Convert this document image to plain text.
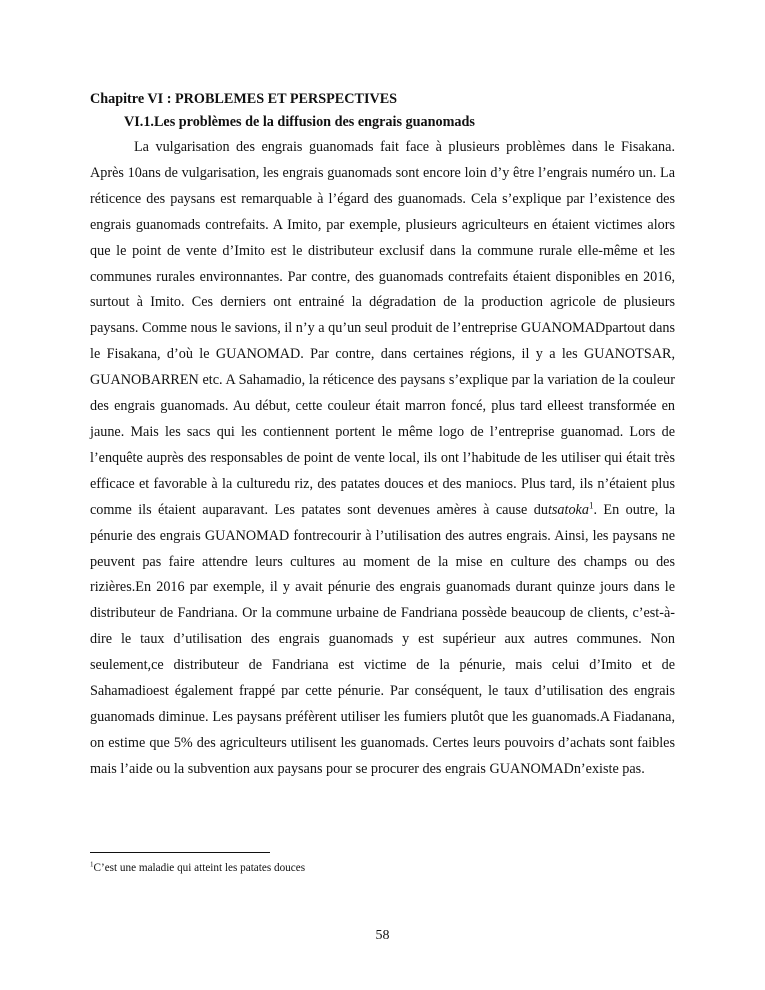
Chapitre VI : PROBLEMES ET PERSPECTIVES
VI.1.Les problèmes de la diffusion des engrais guanomads

La vulgarisation des engrais guanomads fait face à plusieurs problèmes dans le Fisakana. Après 10ans de vulgarisation, les engrais guanomads sont encore loin d’y être l’engrais numéro un. La réticence des paysans est remarquable à l’égard des guanomads. Cela s’explique par l’existence des engrais guanomads contrefaits. A Imito, par exemple, plusieurs agriculteurs en étaient victimes alors que le point de vente d’Imito est le distributeur exclusif dans la commune rurale elle-même et les communes rurales environnantes. Par contre, des guanomads contrefaits étaient disponibles en 2016, surtout à Imito. Ces derniers ont entrainé la dégradation de la production agricole de plusieurs paysans. Comme nous le savions, il n’y a qu’un seul produit de l’entreprise GUANOMADpartout dans le Fisakana, d’où le GUANOMAD. Par contre, dans certaines régions, il y a les GUANOTSAR, GUANOBARREN etc. A Sahamadio, la réticence des paysans s’explique par la variation de la couleur des engrais guanomads. Au début, cette couleur était marron foncé, plus tard elleest transformée en jaune. Mais les sacs qui les contiennent portent le même logo de l’entreprise guanomad. Lors de l’enquête auprès des responsables de point de vente local, ils ont l’habitude de les utiliser qui était très efficace et favorable à la culturedu riz, des patates douces et des maniocs. Plus tard, ils n’étaient plus comme ils étaient auparavant. Les patates sont devenues amères à cause dutsatoka$^1$. En outre, la pénurie des engrais GUANOMAD fontrecourir à l’utilisation des autres engrais. Ainsi, les paysans ne peuvent pas faire attendre leurs cultures au moment de la mise en culture des champs ou des rizières.En 2016 par exemple, il y avait pénurie des engrais guanomads durant quinze jours dans le distributeur de Fandriana. Or la commune urbaine de Fandriana possède beaucoup de clients, c’est-à-dire le taux d’utilisation des engrais guanomads y est supérieur aux autres communes. Non seulement,ce distributeur de Fandriana est victime de la pénurie, mais celui d’Imito et de Sahamadioest également frappé par cette pénurie. Par conséquent, le taux d’utilisation des engrais guanomads diminue. Les paysans préfèrent utiliser les fumiers plutôt que les guanomads.A Fiadanana, on estime que 5% des agriculteurs utilisent les guanomads. Certes leurs pouvoirs d’achats sont faibles mais l’aide ou la subvention aux paysans pour se procurer des engrais GUANOMADn’existe pas.

$^1$C’est une maladie qui atteint les patates douces
58
